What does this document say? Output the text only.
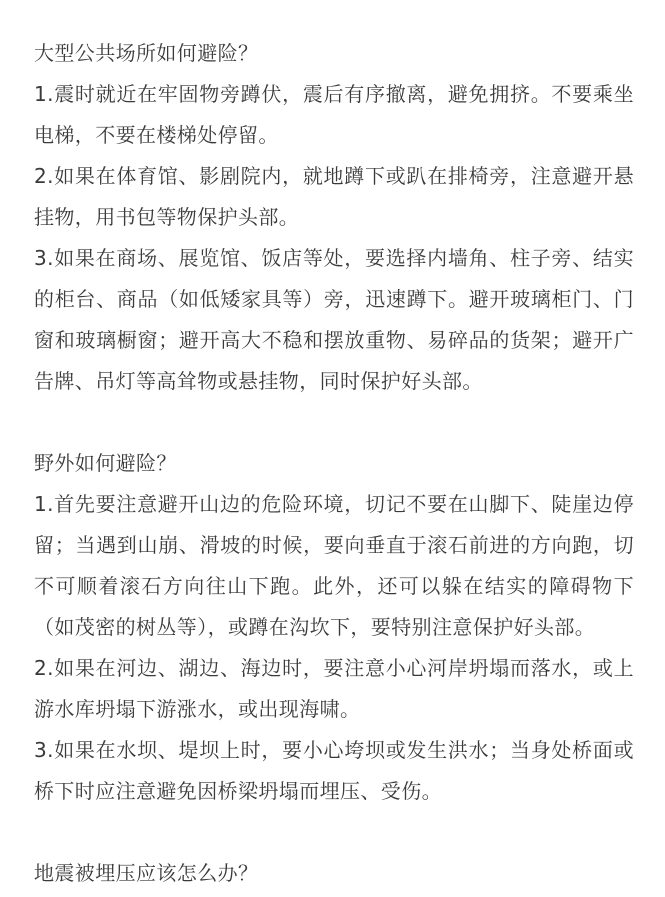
大型公共场所如何避险？

1.震时就近在牢固物旁蹲伏，震后有序撤离，避免拥挤。不要乘坐电梯，不要在楼梯处停留。

2.如果在体育馆、影剧院内，就地蹲下或趴在排椅旁，注意避开悬挂物，用书包等物保护头部。

3.如果在商场、展览馆、饭店等处，要选择内墙角、柱子旁、结实的柜台、商品（如低矮家具等）旁，迅速蹲下。避开玻璃柜门、门窗和玻璃橱窗；避开高大不稳和摆放重物、易碎品的货架；避开广告牌、吊灯等高耸物或悬挂物，同时保护好头部。

野外如何避险？

1.首先要注意避开山边的危险环境，切记不要在山脚下、陡崖边停留；当遇到山崩、滑坡的时候，要向垂直于滚石前进的方向跑，切不可顺着滚石方向往山下跑。此外，还可以躲在结实的障碍物下（如茂密的树丛等），或蹲在沟坎下，要特别注意保护好头部。

2.如果在河边、湖边、海边时，要注意小心河岸坍塌而落水，或上游水库坍塌下游涨水，或出现海啸。

3.如果在水坝、堤坝上时，要小心垮坝或发生洪水；当身处桥面或桥下时应注意避免因桥梁坍塌而埋压、受伤。

地震被埋压应该怎么办？
